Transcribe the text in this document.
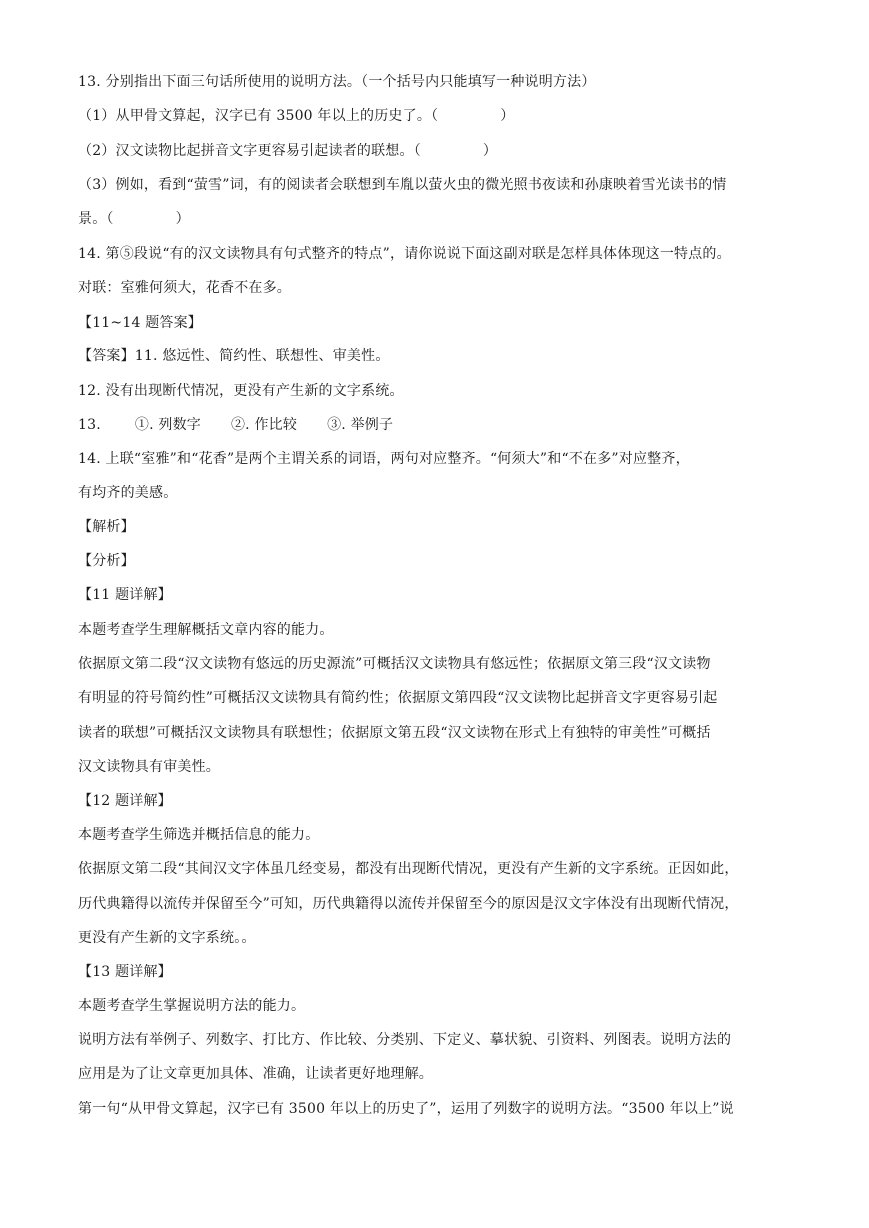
13. 分别指出下面三句话所使用的说明方法。（一个括号内只能填写一种说明方法）
（1）从甲骨文算起，汉字已有 3500 年以上的历史了。（	）
（2）汉文读物比起拼音文字更容易引起读者的联想。（	）
（3）例如，看到“萤雪”词，有的阅读者会联想到车胤以萤火虫的微光照书夜读和孙康映着雪光读书的情
景。（	）
14. 第⑤段说“有的汉文读物具有句式整齐的特点”，请你说说下面这副对联是怎样具体体现这一特点的。
对联：室雅何须大，花香不在多。
【11~14 题答案】
【答案】11. 悠远性、简约性、联想性、审美性。
12. 没有出现断代情况，更没有产生新的文字系统。
13. ①. 列数字 ②. 作比较 ③. 举例子
14. 上联“室雅”和“花香”是两个主谓关系的词语，两句对应整齐。“何须大”和“不在多”对应整齐，
有均齐的美感。
【解析】
【分析】
【11 题详解】
本题考查学生理解概括文章内容的能力。
依据原文第二段“汉文读物有悠远的历史源流”可概括汉文读物具有悠远性；依据原文第三段“汉文读物
有明显的符号简约性”可概括汉文读物具有简约性；依据原文第四段“汉文读物比起拼音文字更容易引起
读者的联想”可概括汉文读物具有联想性；依据原文第五段“汉文读物在形式上有独特的审美性”可概括
汉文读物具有审美性。
【12 题详解】
本题考查学生筛选并概括信息的能力。
依据原文第二段“其间汉文字体虽几经变易，都没有出现断代情况，更没有产生新的文字系统。正因如此，
历代典籍得以流传并保留至今”可知，历代典籍得以流传并保留至今的原因是汉文字体没有出现断代情况，
更没有产生新的文字系统。。
【13 题详解】
本题考查学生掌握说明方法的能力。
说明方法有举例子、列数字、打比方、作比较、分类别、下定义、摹状貌、引资料、列图表。说明方法的
应用是为了让文章更加具体、准确，让读者更好地理解。
第一句“从甲骨文算起，汉字已有 3500 年以上的历史了”，运用了列数字的说明方法。“3500 年以上”说
